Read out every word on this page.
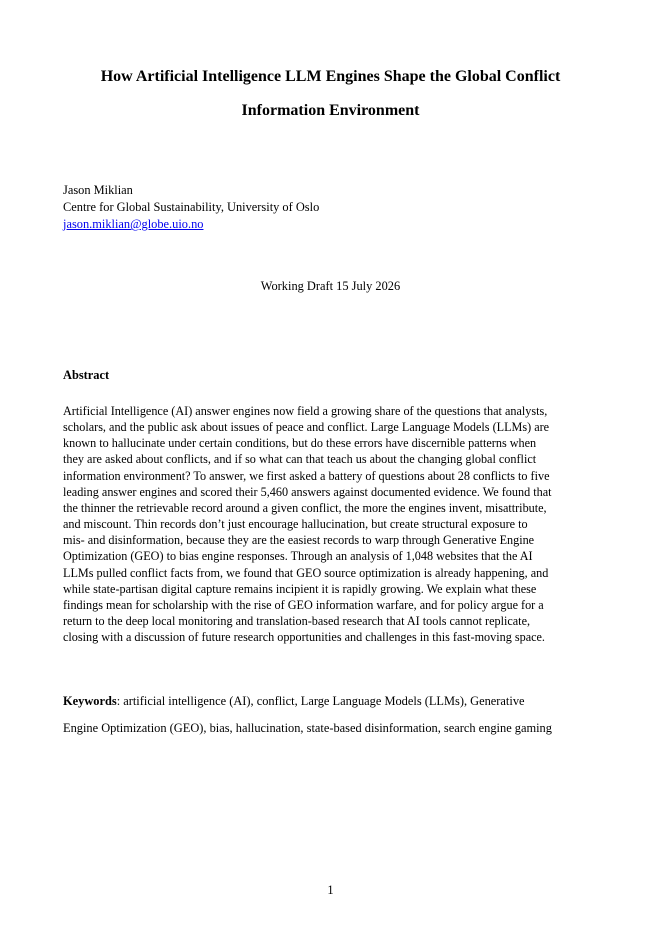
How Artificial Intelligence LLM Engines Shape the Global Conflict
Information Environment
Jason Miklian
Centre for Global Sustainability, University of Oslo
jason.miklian@globe.uio.no
Working Draft 15 July 2026
Abstract
Artificial Intelligence (AI) answer engines now field a growing share of the questions that analysts,
scholars, and the public ask about issues of peace and conflict. Large Language Models (LLMs) are
known to hallucinate under certain conditions, but do these errors have discernible patterns when
they are asked about conflicts, and if so what can that teach us about the changing global conflict
information environment? To answer, we first asked a battery of questions about 28 conflicts to five
leading answer engines and scored their 5,460 answers against documented evidence. We found that
the thinner the retrievable record around a given conflict, the more the engines invent, misattribute,
and miscount. Thin records don’t just encourage hallucination, but create structural exposure to
mis- and disinformation, because they are the easiest records to warp through Generative Engine
Optimization (GEO) to bias engine responses. Through an analysis of 1,048 websites that the AI
LLMs pulled conflict facts from, we found that GEO source optimization is already happening, and
while state-partisan digital capture remains incipient it is rapidly growing. We explain what these
findings mean for scholarship with the rise of GEO information warfare, and for policy argue for a
return to the deep local monitoring and translation-based research that AI tools cannot replicate,
closing with a discussion of future research opportunities and challenges in this fast-moving space.
Keywords: artificial intelligence (AI), conflict, Large Language Models (LLMs), Generative
Engine Optimization (GEO), bias, hallucination, state-based disinformation, search engine gaming
1
